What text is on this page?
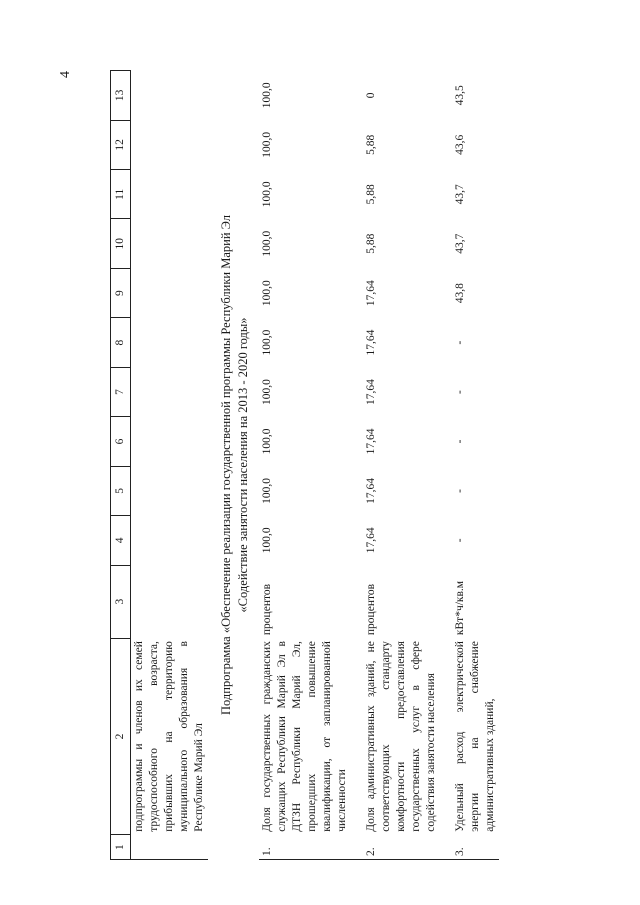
4
1	2	3	4	5	6	7	8	9	10	11	12	13
	подпрограммы и членов их семей трудоспособного возраста, прибывших на территорию муниципального образования в Республике Марий Эл											

Подпрограмма «Обеспечение реализации государственной программы Республики Марий Эл «Содействие занятости населения на 2013 - 2020 годы»												

1.	Доля государственных гражданских служащих Республики Марий Эл в ДТЗН Республики Марий Эл, прошедших повышение квалификации, от запланированной численности	процентов	100,0	100,0	100,0	100,0	100,0	100,0	100,0	100,0	100,0	100,0

2.	Доля административных зданий, не соответствующих стандарту комфортности предоставления государственных услуг в сфере содействия занятости населения	процентов	17,64	17,64	17,64	17,64	17,64	17,64	5,88	5,88	5,88	0

3.	Удельный расход электрической энергии на снабжение административных зданий,	кВт*ч/кв.м	-	-	-	-	-	43,8	43,7	43,7	43,6	43,5
